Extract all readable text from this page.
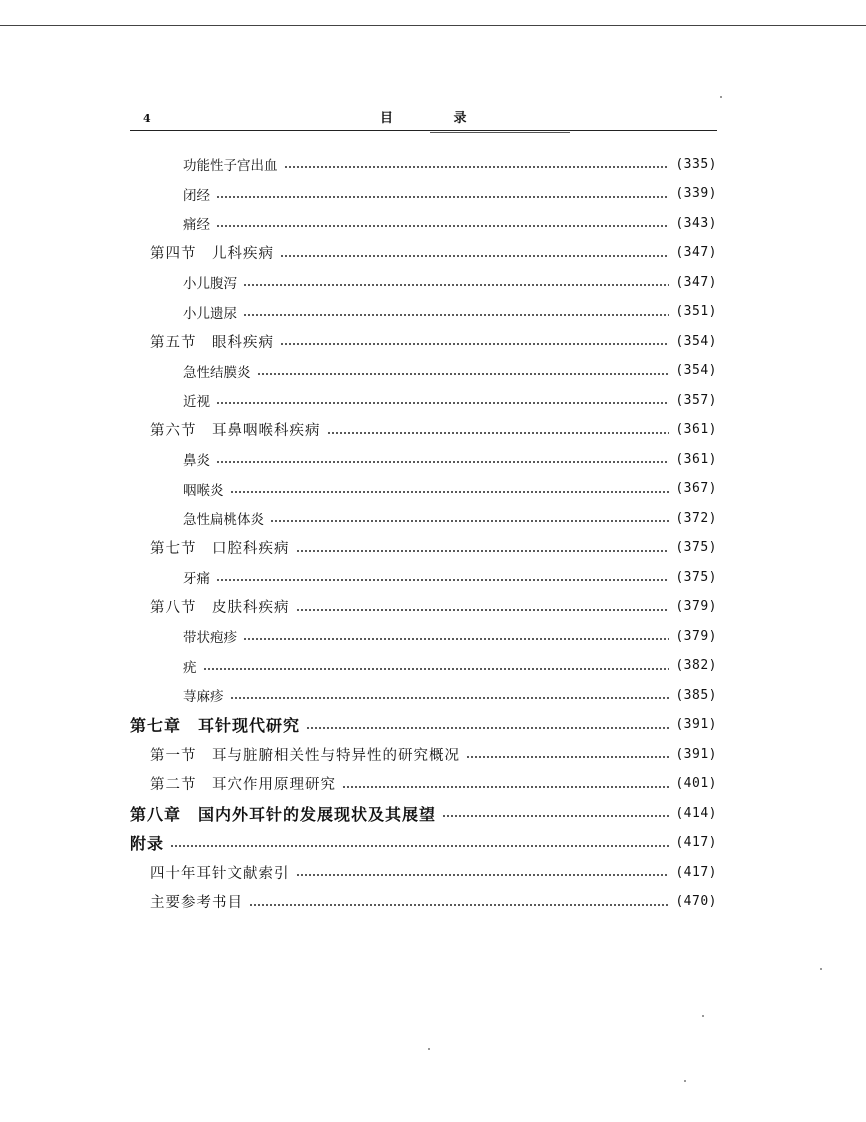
4	目 录
功能性子宫出血	(335)
闭经	(339)
痛经	(343)
第四节　儿科疾病	(347)
小儿腹泻	(347)
小儿遗尿	(351)
第五节　眼科疾病	(354)
急性结膜炎	(354)
近视	(357)
第六节　耳鼻咽喉科疾病	(361)
鼻炎	(361)
咽喉炎	(367)
急性扁桃体炎	(372)
第七节　口腔科疾病	(375)
牙痛	(375)
第八节　皮肤科疾病	(379)
带状疱疹	(379)
疣	(382)
荨麻疹	(385)
第七章　耳针现代研究	(391)
第一节　耳与脏腑相关性与特异性的研究概况	(391)
第二节　耳穴作用原理研究	(401)
第八章　国内外耳针的发展现状及其展望	(414)
附录	(417)
四十年耳针文献索引	(417)
主要参考书目	(470)
